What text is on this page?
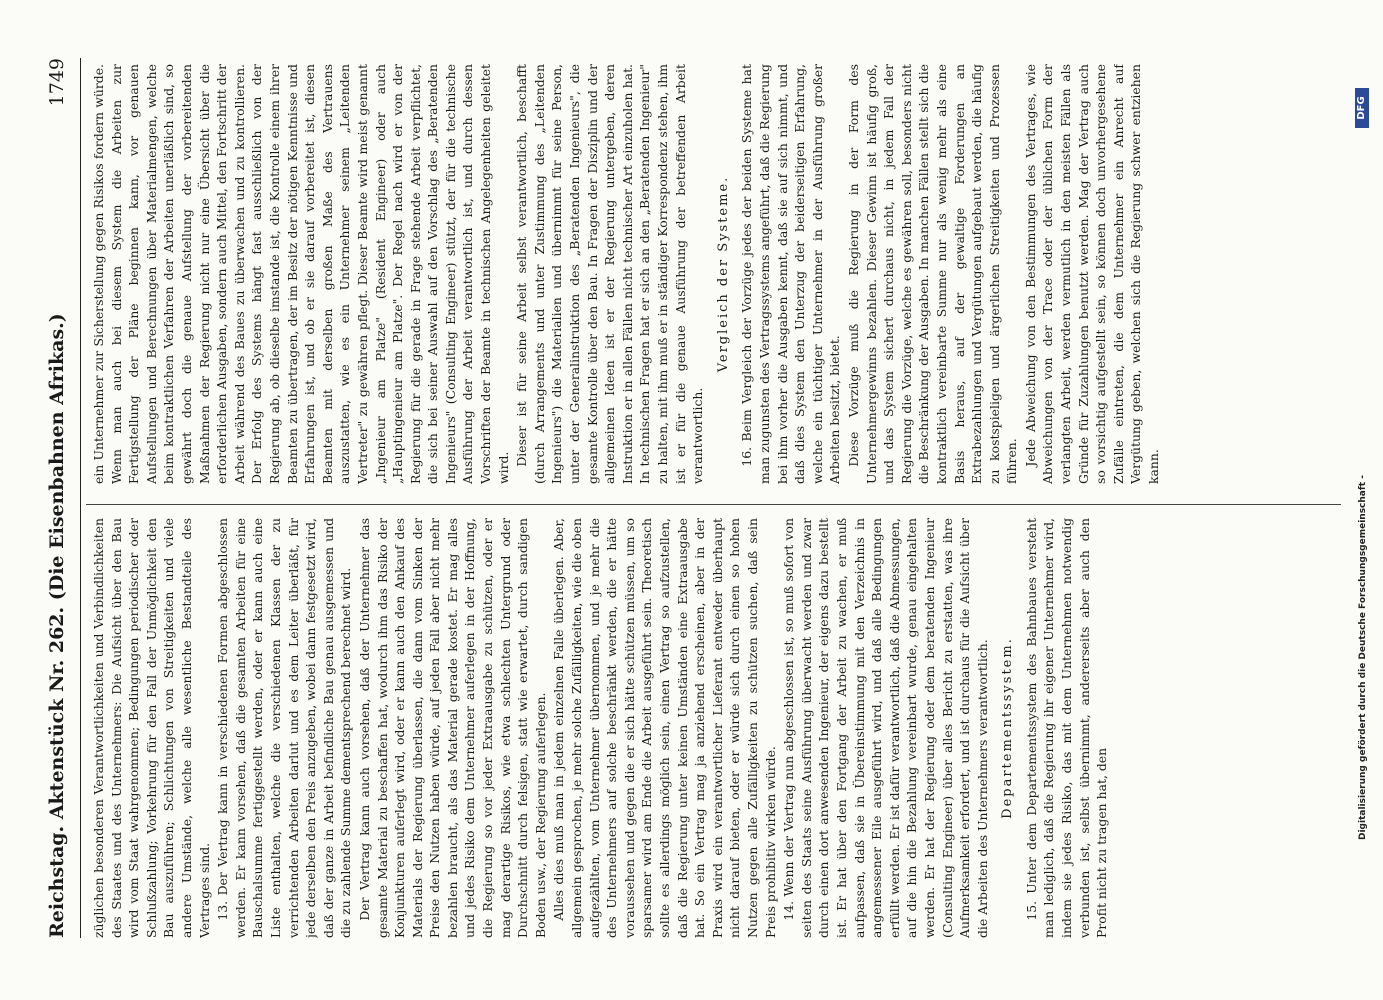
Reichstag. Aktenstück Nr. 262. (Die Eisenbahnen Afrikas.)
1749

züglichen besonderen Verantwortlichkeiten und Verbindlichkeiten des Staates und des Unternehmers: Die Aufsicht über den Bau wird vom Staat wahrgenommen; Bedingungen periodischer oder Schlußzahlung; Vorkehrung für den Fall der Unmöglichkeit den Bau auszuführen; Schlichtungen von Streitigkeiten und viele andere Umstände, welche alle wesentliche Bestandteile des Vertrages sind. 13. Der Vertrag kann in verschiedenen Formen abgeschlossen werden. Er kann vorsehen, daß die gesamten Arbeiten für eine Bauschalsumme fertiggestellt werden, oder er kann auch eine Liste enthalten, welche die verschiedenen Klassen der zu verrichtenden Arbeiten darlut und es dem Leiter überläßt, für jede derselben den Preis anzugeben, wobei dann festgesetzt wird, daß der ganze in Arbeit befindliche Bau genau ausgemessen und die zu zahlende Summe dementsprechend berechnet wird. Der Vertrag kann auch vorsehen, daß der Unternehmer das gesamte Material zu beschaffen hat, wodurch ihm das Risiko der Konjunkturen auferlegt wird, oder er kann auch den Ankauf des Materials der Regierung überlassen, die dann vom Sinken der Preise den Nutzen haben würde, auf jeden Fall aber nicht mehr bezahlen braucht, als das Material gerade kostet. Er mag alles und jedes Risiko dem Unternehmer auferlegen in der Hoffnung, die Regierung so vor jeder Extraausgabe zu schützen, oder er mag derartige Risikos, wie etwa schlechten Untergrund oder Durchschnitt durch felsigen, statt wie erwartet, durch sandigen Boden usw., der Regierung auferlegen. Alles dies muß man in jedem einzelnen Falle überlegen. Aber, allgemein gesprochen, je mehr solche Zufälligkeiten, wie die oben aufgezählten, vom Unternehmer übernommen, und je mehr die des Unternehmers auf solche beschränkt werden, die er hätte voraussehen und gegen die er sich hätte schützen müssen, um so sparsamer wird am Ende die Arbeit ausgeführt sein. Theoretisch sollte es allerdings möglich sein, einen Vertrag so aufzustellen, daß die Regierung unter keinen Umständen eine Extraausgabe hat. So ein Vertrag mag ja anziehend erscheinen, aber in der Praxis wird ein verantwortlicher Lieferant entweder überhaupt nicht darauf bieten, oder er würde sich durch einen so hohen Nutzen gegen alle Zufälligkeiten zu schützen suchen, daß sein Preis prohibitiv wirken würde. 14. Wenn der Vertrag nun abgeschlossen ist, so muß sofort von seiten des Staats seine Ausführung überwacht werden und zwar durch einen dort anwesenden Ingenieur, der eigens dazu bestellt ist. Er hat über den Fortgang der Arbeit zu wachen, er muß aufpassen, daß sie in Übereinstimmung mit den Verzeichnis in angemessener Eile ausgeführt wird, und daß alle Bedingungen erfüllt werden. Er ist dafür verantwortlich, daß die Abmessungen, auf die hin die Bezahlung vereinbart wurde, genau eingehalten werden. Er hat der Regierung oder dem beratenden Ingenieur (Consulting Engineer) über alles Bericht zu erstatten, was ihre Aufmerksamkeit erfordert, und ist durchaus für die Aufsicht über die Arbeiten des Unternehmers verantwortlich. Departementssystem. 15. Unter dem Departementssystem des Bahnbaues versteht man lediglich, daß die Regierung ihr eigener Unternehmer wird, indem sie jedes Risiko, das mit dem Unternehmen notwendig verbunden ist, selbst übernimmt, andererseits aber auch den Profit nicht zu tragen hat, den

ein Unternehmer zur Sicherstellung gegen Risikos fordern würde. Wenn man auch bei diesem System die Arbeiten zur Fertigstellung der Pläne beginnen kann, vor genauen Aufstellungen und Berechnungen über Materialmengen, welche beim kontraktlichen Verfahren der Arbeiten unerläßlich sind, so gewährt doch die genaue Aufstellung der vorbereitenden Maßnahmen der Regierung nicht nur eine Übersicht über die erforderlichen Ausgaben, sondern auch Mittel, den Fortschritt der Arbeit während des Baues zu überwachen und zu kontrollieren. Der Erfolg des Systems hängt fast ausschließlich von der Regierung ab, ob dieselbe imstande ist, die Kontrolle einem ihrer Beamten zu übertragen, der im Besitz der nötigen Kenntnisse und Erfahrungen ist, und ob er sie darauf vorbereitet ist, diesen Beamten mit derselben großen Maße des Vertrauens auszustatten, wie es ein Unternehmer seinem „Leitenden Vertreter" zu gewähren pflegt. Dieser Beamte wird meist genannt „Ingenieur am Platze" (Resident Engineer) oder auch „Hauptingenieur am Platze". Der Regel nach wird er von der Regierung für die gerade in Frage stehende Arbeit verpflichtet, die sich bei seiner Auswahl auf den Vorschlag des „Beratenden Ingenieurs" (Consulting Engineer) stützt, der für die technische Ausführung der Arbeit verantwortlich ist, und durch dessen Vorschriften der Beamte in technischen Angelegenheiten geleitet wird.

Dieser ist für seine Arbeit selbst verantwortlich, beschafft (durch Arrangements und unter Zustimmung des „Leitenden Ingenieurs") die Materialien und übernimmt für seine Person, unter der Generalinstruktion des „Beratenden Ingenieurs", die gesamte Kontrolle über den Bau. In Fragen der Disziplin und der allgemeinen Ideen ist er der Regierung untergeben, deren Instruktion er in allen Fällen nicht technischer Art einzuholen hat. In technischen Fragen hat er sich an den „Beratenden Ingenieur" zu halten, mit ihm muß er in ständiger Korrespondenz stehen, ihm ist er für die genaue Ausführung der betreffenden Arbeit verantwortlich.

Vergleich der Systeme. 16. Beim Vergleich der Vorzüge jedes der beiden Systeme hat man zugunsten des Vertragssystems angeführt, daß die Regierung bei ihm vorher die Ausgaben kennt, daß sie auf sich nimmt, und daß dies System den Unterzug der beiderseitigen Erfahrung, welche ein tüchtiger Unternehmer in der Ausführung großer Arbeiten besitzt, bietet. Diese Vorzüge muß die Regierung in der Form des Unternehmergewinns bezahlen. Dieser Gewinn ist häufig groß, und das System sichert durchaus nicht, in jedem Fall der Regierung die Vorzüge, welche es gewähren soll, besonders nicht die Beschränkung der Ausgaben. In manchen Fällen stellt sich die kontraktlich vereinbarte Summe nur als wenig mehr als eine Basis heraus, auf der gewaltige Forderungen an Extrabezahlungen und Vergütungen aufgebaut werden, die häufig zu kostspieligen und ärgerlichen Streitigkeiten und Prozessen führen. Jede Abweichung von den Bestimmungen des Vertrages, wie Abweichungen von der Trace oder der üblichen Form der verlangten Arbeit, werden vermutlich in den meisten Fällen als Gründe für Zuzahlungen benutzt werden. Mag der Vertrag auch so vorsichtig aufgestellt sein, so können doch unvorhergesehene Zufälle eintreten, die dem Unternehmer ein Anrecht auf Vergütung geben, welchen sich die Regierung schwer entziehen kann.

Digitalisierung gefördert durch die Deutsche Forschungsgemeinschaft -
DFG
